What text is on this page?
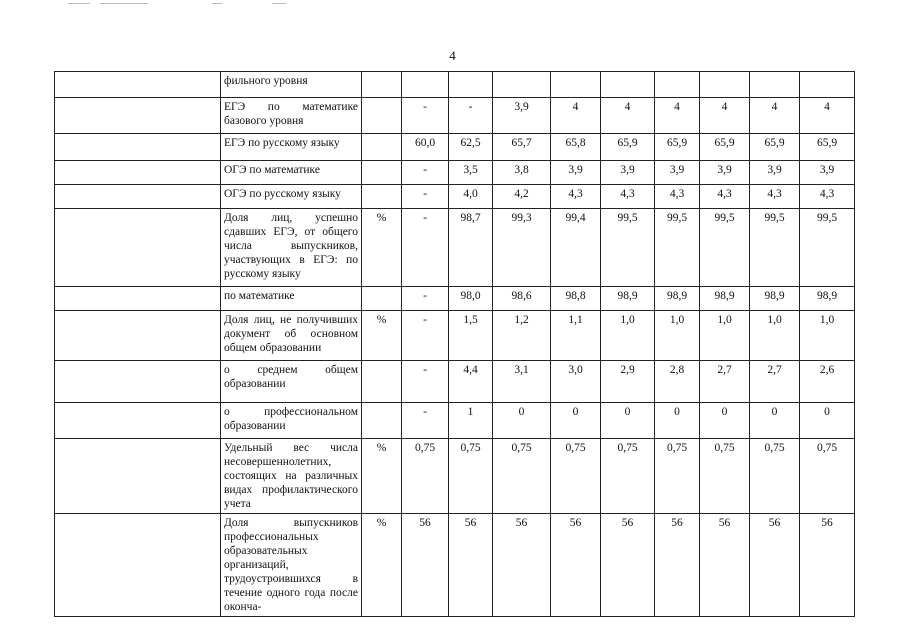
4

	фильного уровня										

	ЕГЭ по математике базового уровня		-	-	3,9	4	4	4	4	4	4

	ЕГЭ по русскому языку		60,0	62,5	65,7	65,8	65,9	65,9	65,9	65,9	65,9

	ОГЭ по математике		-	3,5	3,8	3,9	3,9	3,9	3,9	3,9	3,9

	ОГЭ по русскому языку		-	4,0	4,2	4,3	4,3	4,3	4,3	4,3	4,3

	Доля лиц, успешно сдавших ЕГЭ, от общего числа выпускников, участвующих в ЕГЭ: по русскому языку	%	-	98,7	99,3	99,4	99,5	99,5	99,5	99,5	99,5

	по математике		-	98,0	98,6	98,8	98,9	98,9	98,9	98,9	98,9

	Доля лиц, не получивших документ об основном общем образовании	%	-	1,5	1,2	1,1	1,0	1,0	1,0	1,0	1,0

	о среднем общем образовании		-	4,4	3,1	3,0	2,9	2,8	2,7	2,7	2,6

	о профессиональном образовании		-	1	0	0	0	0	0	0	0

	Удельный вес числа несовершеннолетних, состоящих на различных видах профилактического учета	%	0,75	0,75	0,75	0,75	0,75	0,75	0,75	0,75	0,75

	Доля выпускников профессиональных образовательных организаций, трудоустроившихся в течение одного года после оконча-	%	56	56	56	56	56	56	56	56	56
